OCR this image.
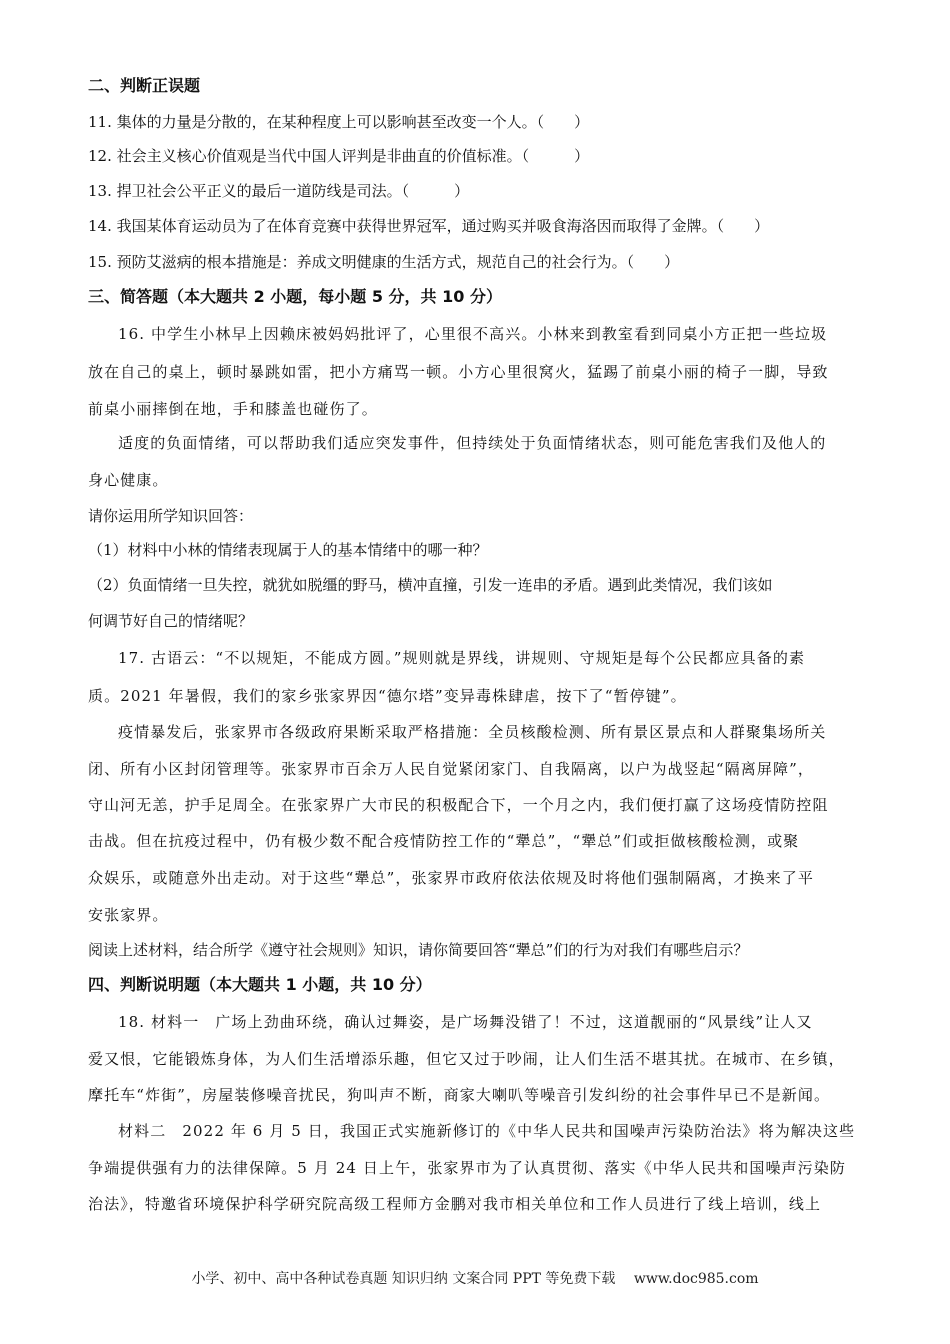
二、判断正误题
11. 集体的力量是分散的，在某种程度上可以影响甚至改变一个人。（　　）
12. 社会主义核心价值观是当代中国人评判是非曲直的价值标准。（　　　）
13. 捍卫社会公平正义的最后一道防线是司法。（　　　）
14. 我国某体育运动员为了在体育竞赛中获得世界冠军，通过购买并吸食海洛因而取得了金牌。（　　）
15. 预防艾滋病的根本措施是：养成文明健康的生活方式，规范自己的社会行为。（　　）
三、简答题（本大题共 2 小题，每小题 5 分，共 10 分）
16. 中学生小林早上因赖床被妈妈批评了，心里很不高兴。小林来到教室看到同桌小方正把一些垃圾
放在自己的桌上，顿时暴跳如雷，把小方痛骂一顿。小方心里很窝火，猛踢了前桌小丽的椅子一脚，导致
前桌小丽摔倒在地，手和膝盖也碰伤了。
适度的负面情绪，可以帮助我们适应突发事件，但持续处于负面情绪状态，则可能危害我们及他人的
身心健康。
请你运用所学知识回答：
（1）材料中小林的情绪表现属于人的基本情绪中的哪一种？
（2）负面情绪一旦失控，就犹如脱缰的野马，横冲直撞，引发一连串的矛盾。遇到此类情况，我们该如
何调节好自己的情绪呢？
17. 古语云：“不以规矩，不能成方圆。”规则就是界线，讲规则、守规矩是每个公民都应具备的素
质。2021 年暑假，我们的家乡张家界因“德尔塔”变异毒株肆虐，按下了“暂停键”。
疫情暴发后，张家界市各级政府果断采取严格措施：全员核酸检测、所有景区景点和人群聚集场所关
闭、所有小区封闭管理等。张家界市百余万人民自觉紧闭家门、自我隔离，以户为战竖起“隔离屏障”，
守山河无恙，护手足周全。在张家界广大市民的积极配合下，一个月之内，我们便打赢了这场疫情防控阻
击战。但在抗疫过程中，仍有极少数不配合疫情防控工作的“犟总”，“犟总”们或拒做核酸检测，或聚
众娱乐，或随意外出走动。对于这些“犟总”，张家界市政府依法依规及时将他们强制隔离，才换来了平
安张家界。
阅读上述材料，结合所学《遵守社会规则》知识，请你简要回答“犟总”们的行为对我们有哪些启示？
四、判断说明题（本大题共 1 小题，共 10 分）
18. 材料一　广场上劲曲环绕，确认过舞姿，是广场舞没错了！不过，这道靓丽的“风景线”让人又
爱又恨，它能锻炼身体，为人们生活增添乐趣，但它又过于吵闹，让人们生活不堪其扰。在城市、在乡镇，
摩托车“炸街”，房屋装修噪音扰民，狗叫声不断，商家大喇叭等噪音引发纠纷的社会事件早已不是新闻。
材料二　2022 年 6 月 5 日，我国正式实施新修订的《中华人民共和国噪声污染防治法》将为解决这些
争端提供强有力的法律保障。5 月 24 日上午，张家界市为了认真贯彻、落实《中华人民共和国噪声污染防
治法》，特邀省环境保护科学研究院高级工程师方金鹏对我市相关单位和工作人员进行了线上培训，线上
小学、初中、高中各种试卷真题 知识归纳 文案合同 PPT 等免费下载　 www.doc985.com
